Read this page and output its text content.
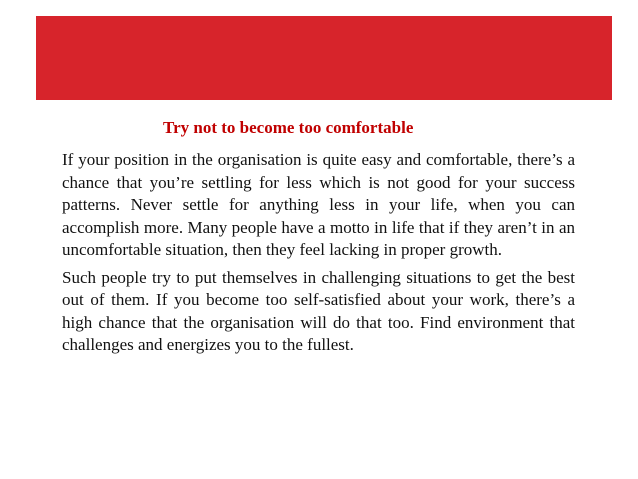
Try not to become too comfortable

If your position in the organisation is quite easy and comfortable, there’s a chance that you’re settling for less which is not good for your success patterns. Never settle for anything less in your life, when you can accomplish more. Many people have a motto in life that if they aren’t in an uncomfortable situation, then they feel lacking in proper growth.

Such people try to put themselves in challenging situations to get the best out of them. If you become too self-satisfied about your work, there’s a high chance that the organisation will do that too. Find environment that challenges and energizes you to the fullest.
